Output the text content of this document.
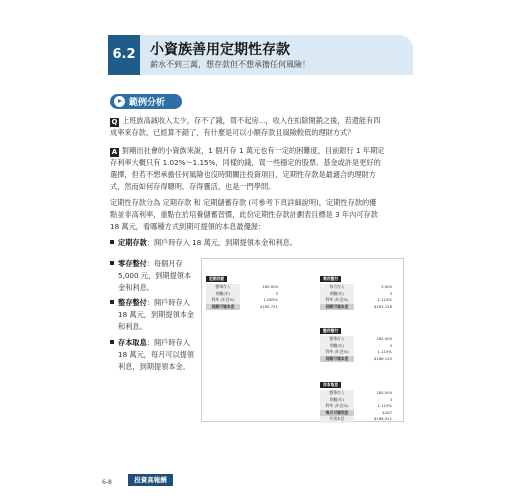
6.2	小資族善用定期性存款
薪水不到三萬，想存款但不想承擔任何風險！
範例分析
Q 上班族高誠收入太少，存不了錢，買不起房...，收入在扣除開銷之後，若還能有四
成率來存款，已經算不錯了，有什麼是可以小額存款且風險較低的理財方式？
A 對剛出社會的小資族來說，1 個月存 1 萬元也有一定的困難度，目前銀行 1 年期定
存利率大概只有 1.02%～1.15%，同樣的錢，買一些穩定的股票、基金或許是更好的
選擇，但若不想承擔任何風險也沒時間關注投資項目，定期性存款是最適合的理財方
式，然而如何存得聰明、存得靈活，也是一門學問。
定期性存款分為 定期存款 和 定期儲蓄存款 (可參考下頁詳細說明)，定期性存款的優
點並非高利率，重點在於培養儲蓄習慣，此份定期性存款計劃表目標是 3 年內可存款
18 萬元，看哪種方式到期可提領的本息最優渥：
定期存款：開戶時存入 18 萬元，到期提領本金和利息。
零存整付：每個月存
5,000 元，到期提領本
金和利息。
整存整付：開戶時存入
18 萬元，到期提領本金
和利息。
存本取息：開戶時存入
18 萬元，每月可以提領
利息，到期提領本金。
定期存款
整筆存入	180,000
期數(年)	3
利率 (年息%)	1.065%
到期可領本息	$185,751
零存整付
每月存入	5,000
期數(年)	3
利率 (年息%)	1.115%
到期可領本息	$183,128
整存整付
整筆存入	180,000
期數(年)	3
利率 (年息%)	1.115%
到期可領本息	$186,120
存本取息
整筆存入	180,000
期數(年)	3
利率 (年息%)	1.115%
每月可領利息	$167
共領本息	$186,021
6-8	投資高報酬
